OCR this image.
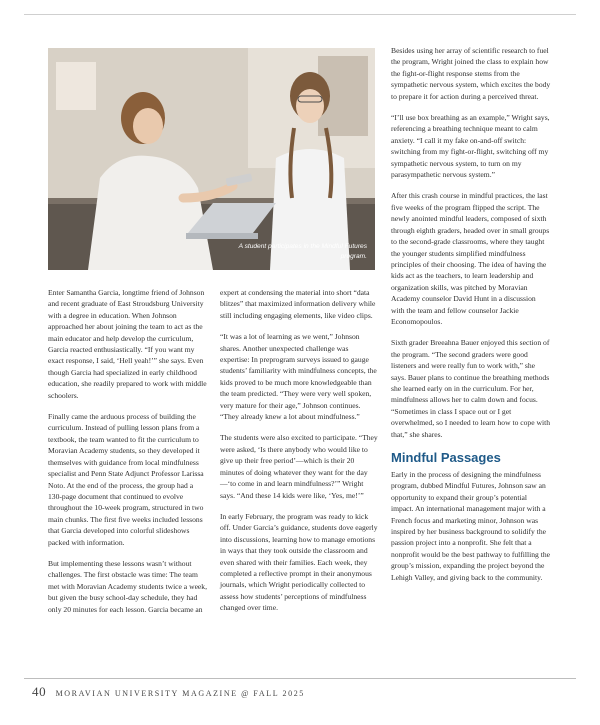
A student participates in the Mindful Futures program.

Enter Samantha Garcia, longtime friend of Johnson and recent graduate of East Stroudsburg University with a degree in education. When Johnson approached her about joining the team to act as the main educator and help develop the curriculum, Garcia reacted enthusiastically. “If you want my exact response, I said, ‘Hell yeah!’” she says. Even though Garcia had specialized in early childhood education, she readily prepared to work with middle schoolers.

Finally came the arduous process of building the curriculum. Instead of pulling lesson plans from a textbook, the team wanted to fit the curriculum to Moravian Academy students, so they developed it themselves with guidance from local mindfulness specialist and Penn State Adjunct Professor Larissa Noto. At the end of the process, the group had a 130-page document that continued to evolve throughout the 10-week program, structured in two main chunks. The first five weeks included lessons that Garcia developed into colorful slideshows packed with information.

But implementing these lessons wasn’t without challenges. The first obstacle was time: The team met with Moravian Academy students twice a week, but given the busy school-day schedule, they had only 20 minutes for each lesson. Garcia became an

expert at condensing the material into short “data blitzes” that maximized information delivery while still including engaging elements, like video clips.

“It was a lot of learning as we went,” Johnson shares. Another unexpected challenge was expertise: In preprogram surveys issued to gauge students’ familiarity with mindfulness concepts, the kids proved to be much more knowledgeable than the team predicted. “They were very well spoken, very mature for their age,” Johnson continues. “They already knew a lot about mindfulness.”

The students were also excited to participate. “They were asked, ‘Is there anybody who would like to give up their free period’—which is their 20 minutes of doing whatever they want for the day—‘to come in and learn mindfulness?’” Wright says. “And these 14 kids were like, ‘Yes, me!’”

In early February, the program was ready to kick off. Under Garcia’s guidance, students dove eagerly into discussions, learning how to manage emotions in ways that they took outside the classroom and even shared with their families. Each week, they completed a reflective prompt in their anonymous journals, which Wright periodically collected to assess how students’ perceptions of mindfulness changed over time.

Besides using her array of scientific research to fuel the program, Wright joined the class to explain how the fight-or-flight response stems from the sympathetic nervous system, which excites the body to prepare it for action during a perceived threat.

“I’ll use box breathing as an example,” Wright says, referencing a breathing technique meant to calm anxiety. “I call it my fake on-and-off switch: switching from my fight-or-flight, switching off my sympathetic nervous system, to turn on my parasympathetic nervous system.”

After this crash course in mindful practices, the last five weeks of the program flipped the script. The newly anointed mindful leaders, composed of sixth through eighth graders, headed over in small groups to the second-grade classrooms, where they taught the younger students simplified mindfulness principles of their choosing. The idea of having the kids act as the teachers, to learn leadership and organization skills, was pitched by Moravian Academy counselor David Hunt in a discussion with the team and fellow counselor Jackie Economopoulos.

Sixth grader Breeahna Bauer enjoyed this section of the program. “The second graders were good listeners and were really fun to work with,” she says. Bauer plans to continue the breathing methods she learned early on in the curriculum. For her, mindfulness allows her to calm down and focus. “Sometimes in class I space out or I get overwhelmed, so I needed to learn how to cope with that,” she shares.

Mindful Passages

Early in the process of designing the mindfulness program, dubbed Mindful Futures, Johnson saw an opportunity to expand their group’s potential impact. An international management major with a French focus and marketing minor, Johnson was inspired by her business background to solidify the passion project into a nonprofit. She felt that a nonprofit would be the best pathway to fulfilling the group’s mission, expanding the project beyond the Lehigh Valley, and giving back to the community.

40 MORAVIAN UNIVERSITY MAGAZINE @ FALL 2025
